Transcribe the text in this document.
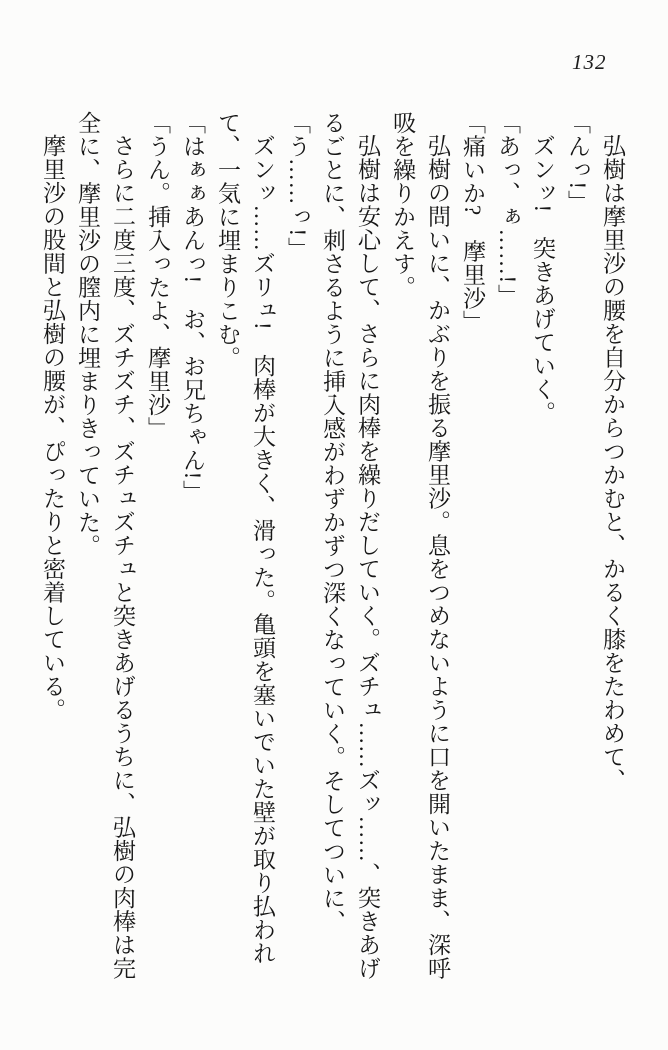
132

弘樹は摩里沙の腰を自分からつかむと、かるく膝をたわめて、

「んっ!」

ズンッ!　突きあげていく。

「あっ、ぁ……!」

「痛いか?　摩里沙」

弘樹の問いに、かぶりを振る摩里沙。息をつめないように口を開いたまま、深呼吸を繰りかえす。

弘樹は安心して、さらに肉棒を繰りだしていく。ズチュ……ズッ……、突きあげるごとに、刺さるように挿入感がわずかずつ深くなっていく。そしてついに、

「う……っ!」

ズンッ……ズリュ!　肉棒が大きく、滑った。亀頭を塞いでいた壁が取り払われて、一気に埋まりこむ。

「はぁぁあんっ!　お、お兄ちゃん!」

「うん。挿入ったよ、摩里沙」

さらに二度三度、ズチズチ、ズチュズチュと突きあげるうちに、弘樹の肉棒は完全に、摩里沙の膣内に埋まりきっていた。

摩里沙の股間と弘樹の腰が、ぴったりと密着している。
